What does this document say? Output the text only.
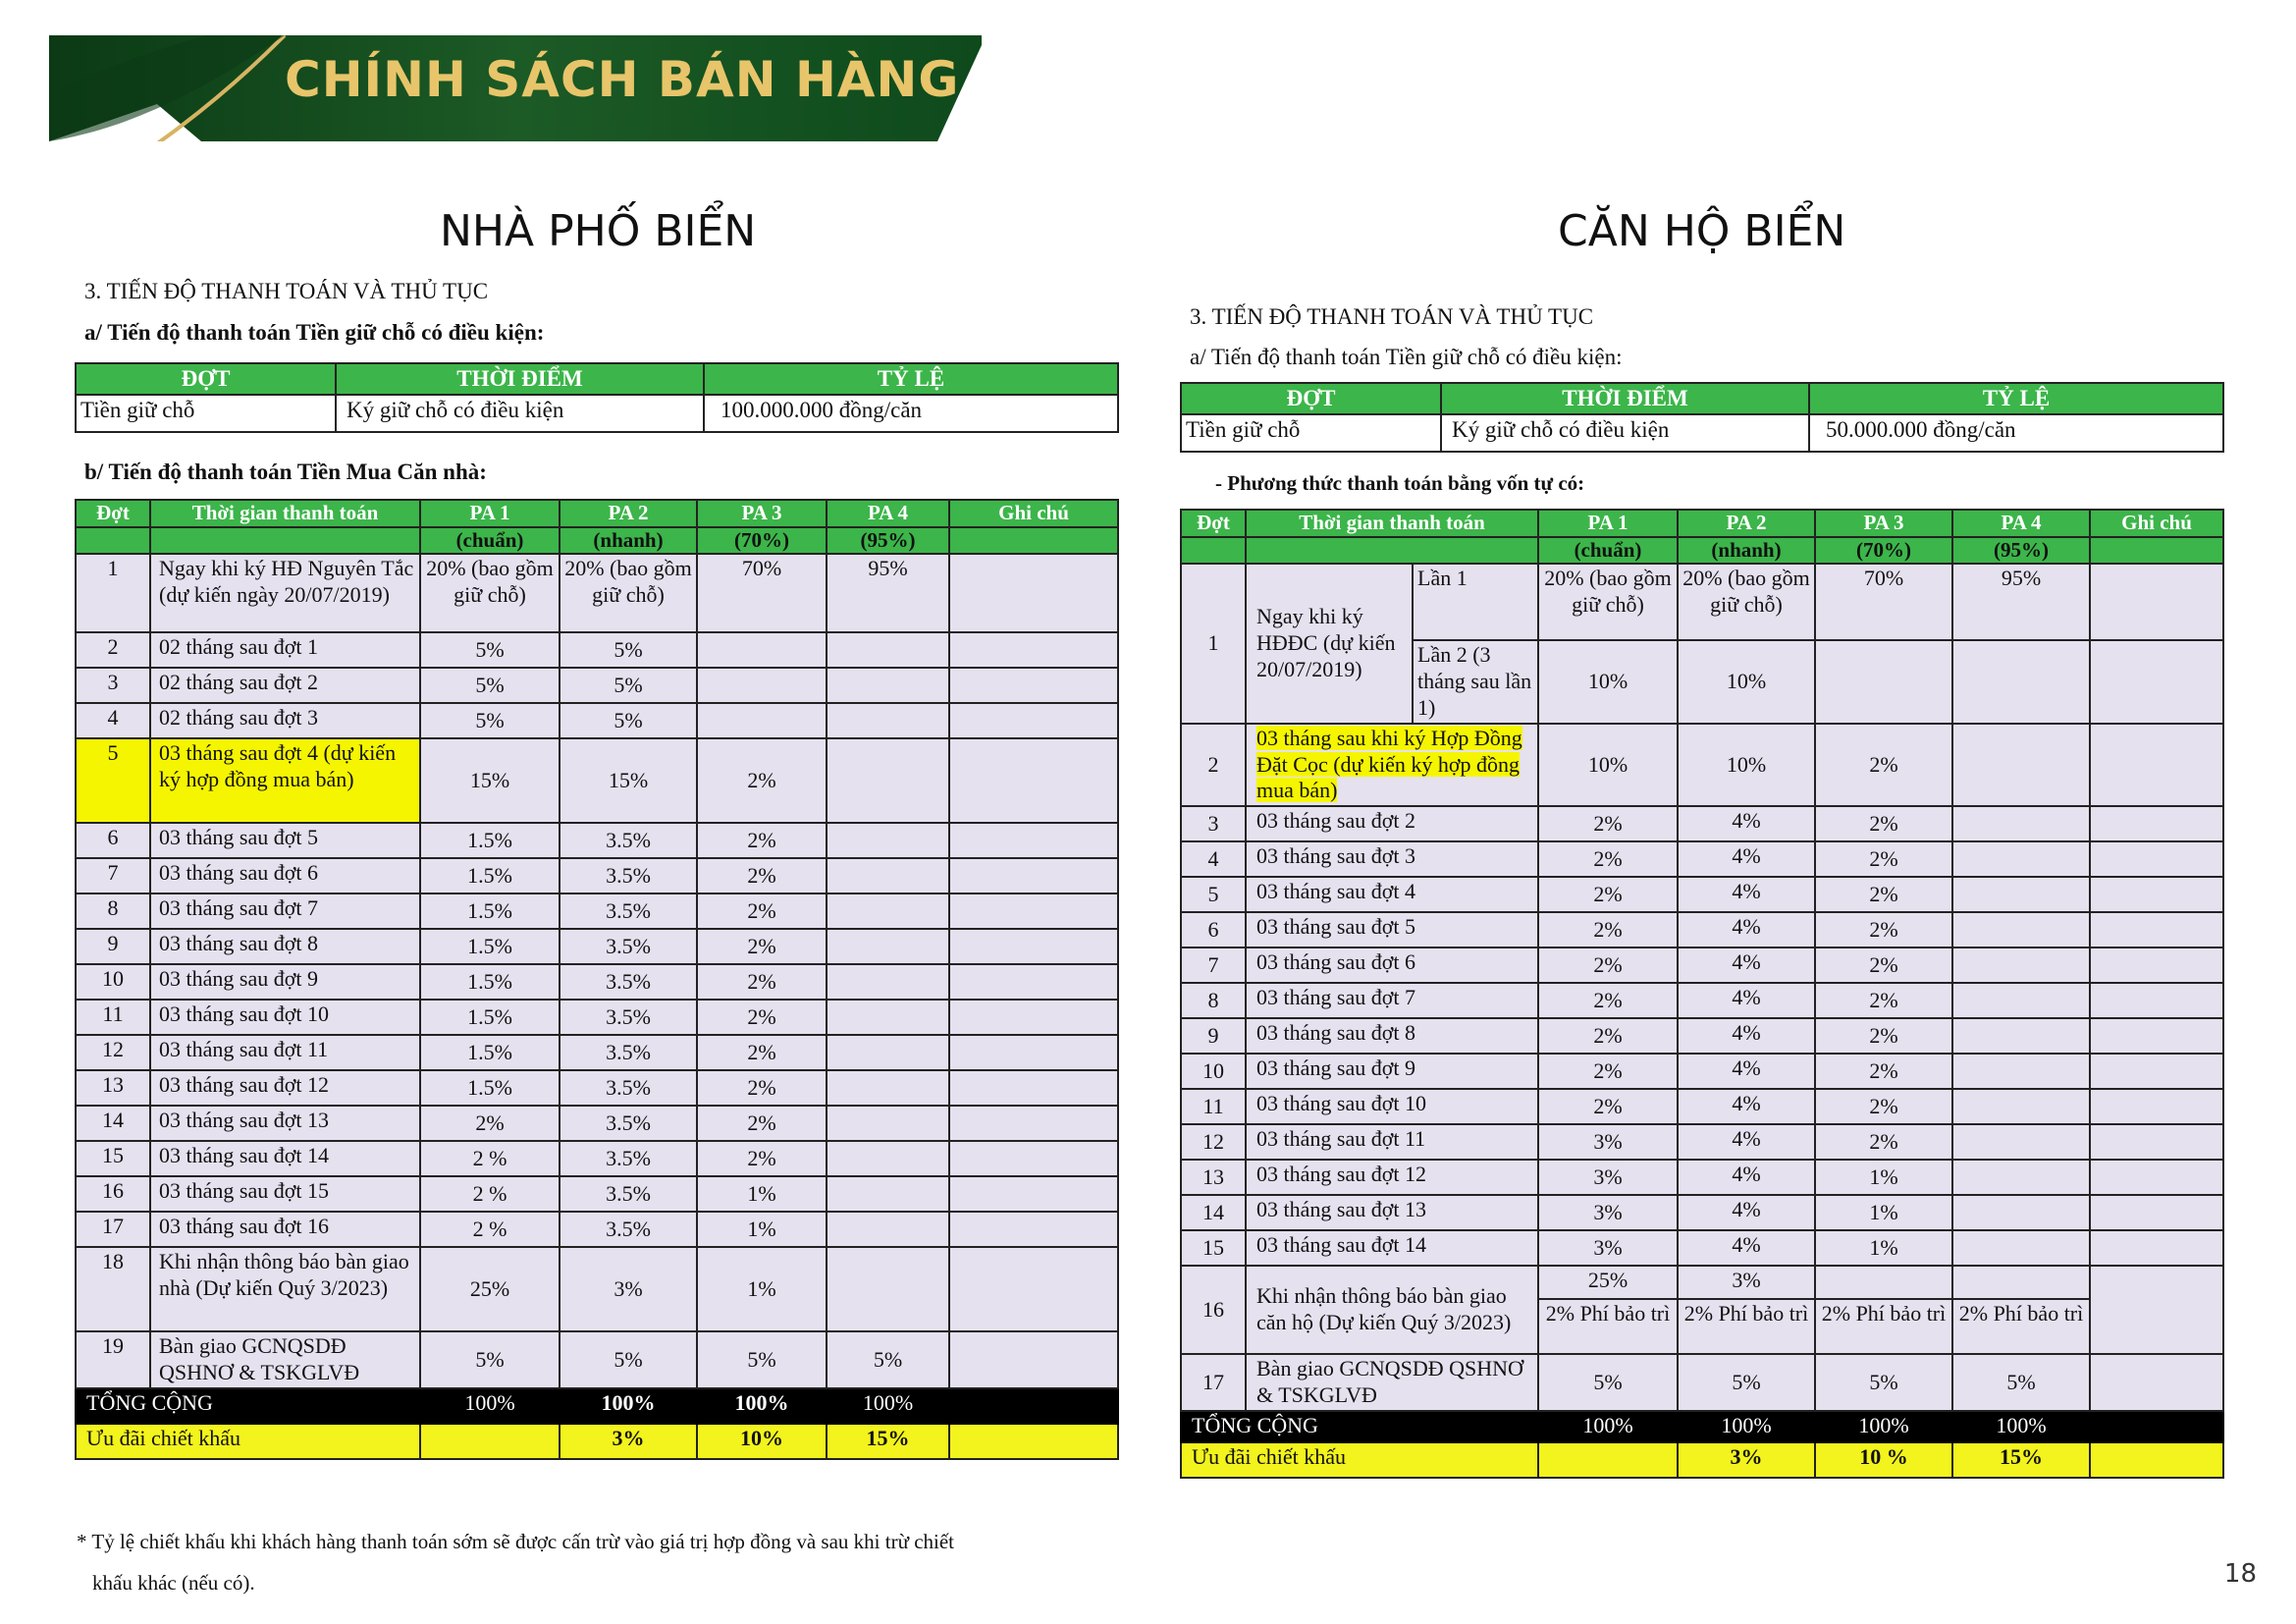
CHÍNH SÁCH BÁN HÀNG
NHÀ PHỐ BIỂN
3. TIẾN ĐỘ THANH TOÁN VÀ THỦ TỤC
a/ Tiến độ thanh toán Tiền giữ chỗ có điều kiện:
ĐỢT	THỜI ĐIỂM	TỶ LỆ
Tiền giữ chỗ	Ký giữ chỗ có điều kiện	100.000.000 đồng/căn
b/ Tiến độ thanh toán Tiền Mua Căn nhà:
Đợt	Thời gian thanh toán	PA 1	PA 2	PA 3	PA 4	Ghi chú
		(chuẩn)	(nhanh)	(70%)	(95%)	
1	Ngay khi ký HĐ Nguyên Tắc (dự kiến ngày 20/07/2019)	20% (bao gồm giữ chỗ)	20% (bao gồm giữ chỗ)	70%	95%	
2	02 tháng sau đợt 1	5%	5%			
3	02 tháng sau đợt 2	5%	5%			
4	02 tháng sau đợt 3	5%	5%			
5	03 tháng sau đợt 4 (dự kiến ký hợp đồng mua bán)	15%	15%	2%		
6	03 tháng sau đợt 5	1.5%	3.5%	2%		
7	03 tháng sau đợt 6	1.5%	3.5%	2%		
8	03 tháng sau đợt 7	1.5%	3.5%	2%		
9	03 tháng sau đợt 8	1.5%	3.5%	2%		
10	03 tháng sau đợt 9	1.5%	3.5%	2%		
11	03 tháng sau đợt 10	1.5%	3.5%	2%		
12	03 tháng sau đợt 11	1.5%	3.5%	2%		
13	03 tháng sau đợt 12	1.5%	3.5%	2%		
14	03 tháng sau đợt 13	2%	3.5%	2%		
15	03 tháng sau đợt 14	2 %	3.5%	2%		
16	03 tháng sau đợt 15	2 %	3.5%	1%		
17	03 tháng sau đợt 16	2 %	3.5%	1%		
18	Khi nhận thông báo bàn giao nhà (Dự kiến Quý 3/2023)	25%	3%	1%		
19	Bàn giao GCNQSDĐ QSHNƠ & TSKGLVĐ	5%	5%	5%	5%	
TỔNG CỘNG		100%	100%	100%	100%	
Ưu đãi chiết khấu			3%	10%	15%	
* Tỷ lệ chiết khấu khi khách hàng thanh toán sớm sẽ được cấn trừ vào giá trị hợp đồng và sau khi trừ chiết
khấu khác (nếu có).
CĂN HỘ BIỂN
3. TIẾN ĐỘ THANH TOÁN VÀ THỦ TỤC
a/ Tiến độ thanh toán Tiền giữ chỗ có điều kiện:
ĐỢT	THỜI ĐIỂM	TỶ LỆ
Tiền giữ chỗ	Ký giữ chỗ có điều kiện	50.000.000 đồng/căn
- Phương thức thanh toán bằng vốn tự có:
Đợt	Thời gian thanh toán		PA 1	PA 2	PA 3	PA 4	Ghi chú
			(chuẩn)	(nhanh)	(70%)	(95%)	
1	Ngay khi ký HĐĐC (dự kiến 20/07/2019)	Lần 1	20% (bao gồm giữ chỗ)	20% (bao gồm giữ chỗ)	70%	95%	
		Lần 2 (3 tháng sau lần 1)	10%	10%			
2	03 tháng sau khi ký Hợp Đồng Đặt Cọc (dự kiến ký hợp đồng mua bán)		10%	10%	2%		
3	03 tháng sau đợt 2		2%	4%	2%		
4	03 tháng sau đợt 3		2%	4%	2%		
5	03 tháng sau đợt 4		2%	4%	2%		
6	03 tháng sau đợt 5		2%	4%	2%		
7	03 tháng sau đợt 6		2%	4%	2%		
8	03 tháng sau đợt 7		2%	4%	2%		
9	03 tháng sau đợt 8		2%	4%	2%		
10	03 tháng sau đợt 9		2%	4%	2%		
11	03 tháng sau đợt 10		2%	4%	2%		
12	03 tháng sau đợt 11		3%	4%	2%		
13	03 tháng sau đợt 12		3%	4%	1%		
14	03 tháng sau đợt 13		3%	4%	1%		
15	03 tháng sau đợt 14		3%	4%	1%		
16	Khi nhận thông báo bàn giao căn hộ (Dự kiến Quý 3/2023)		25%	3%			
			2% Phí bảo trì	2% Phí bảo trì	2% Phí bảo trì	2% Phí bảo trì	
17	Bàn giao GCNQSDĐ QSHNƠ & TSKGLVĐ		5%	5%	5%	5%	
TỔNG CỘNG			100%	100%	100%	100%	
Ưu đãi chiết khấu				3%	10 %	15%	
18
